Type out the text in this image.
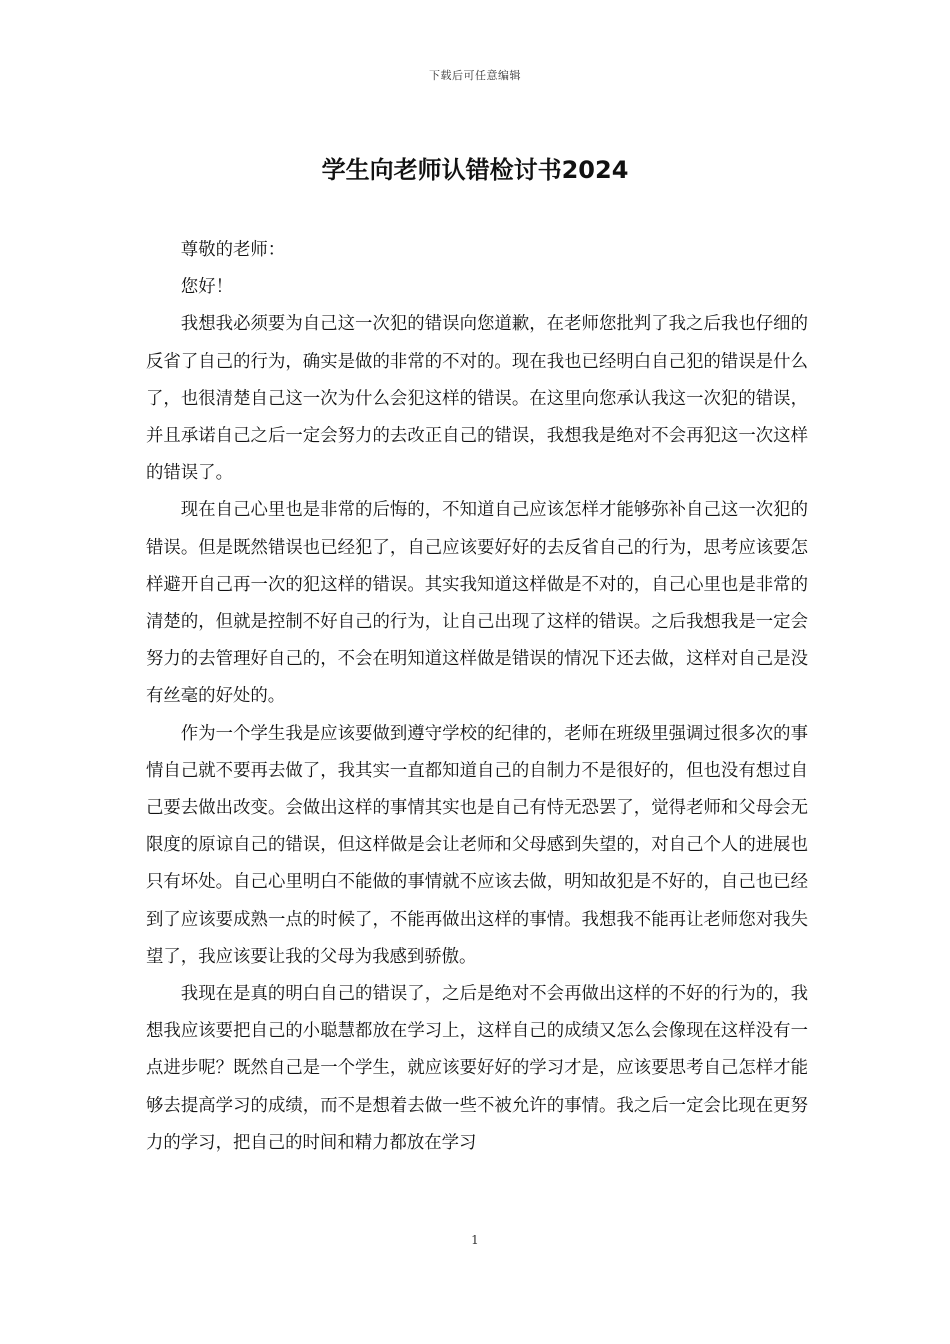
下载后可任意编辑
学生向老师认错检讨书2024

尊敬的老师：

您好！

我想我必须要为自己这一次犯的错误向您道歉，在老师您批判了我之后我也仔细的反省了自己的行为，确实是做的非常的不对的。现在我也已经明白自己犯的错误是什么了，也很清楚自己这一次为什么会犯这样的错误。在这里向您承认我这一次犯的错误，并且承诺自己之后一定会努力的去改正自己的错误，我想我是绝对不会再犯这一次这样的错误了。

现在自己心里也是非常的后悔的，不知道自己应该怎样才能够弥补自己这一次犯的错误。但是既然错误也已经犯了，自己应该要好好的去反省自己的行为，思考应该要怎样避开自己再一次的犯这样的错误。其实我知道这样做是不对的，自己心里也是非常的清楚的，但就是控制不好自己的行为，让自己出现了这样的错误。之后我想我是一定会努力的去管理好自己的，不会在明知道这样做是错误的情况下还去做，这样对自己是没有丝毫的好处的。

作为一个学生我是应该要做到遵守学校的纪律的，老师在班级里强调过很多次的事情自己就不要再去做了，我其实一直都知道自己的自制力不是很好的，但也没有想过自己要去做出改变。会做出这样的事情其实也是自己有恃无恐罢了，觉得老师和父母会无限度的原谅自己的错误，但这样做是会让老师和父母感到失望的，对自己个人的进展也只有坏处。自己心里明白不能做的事情就不应该去做，明知故犯是不好的，自己也已经到了应该要成熟一点的时候了，不能再做出这样的事情。我想我不能再让老师您对我失望了，我应该要让我的父母为我感到骄傲。

我现在是真的明白自己的错误了，之后是绝对不会再做出这样的不好的行为的，我想我应该要把自己的小聪慧都放在学习上，这样自己的成绩又怎么会像现在这样没有一点进步呢？既然自己是一个学生，就应该要好好的学习才是，应该要思考自己怎样才能够去提高学习的成绩，而不是想着去做一些不被允许的事情。我之后一定会比现在更努力的学习，把自己的时间和精力都放在学习

1
